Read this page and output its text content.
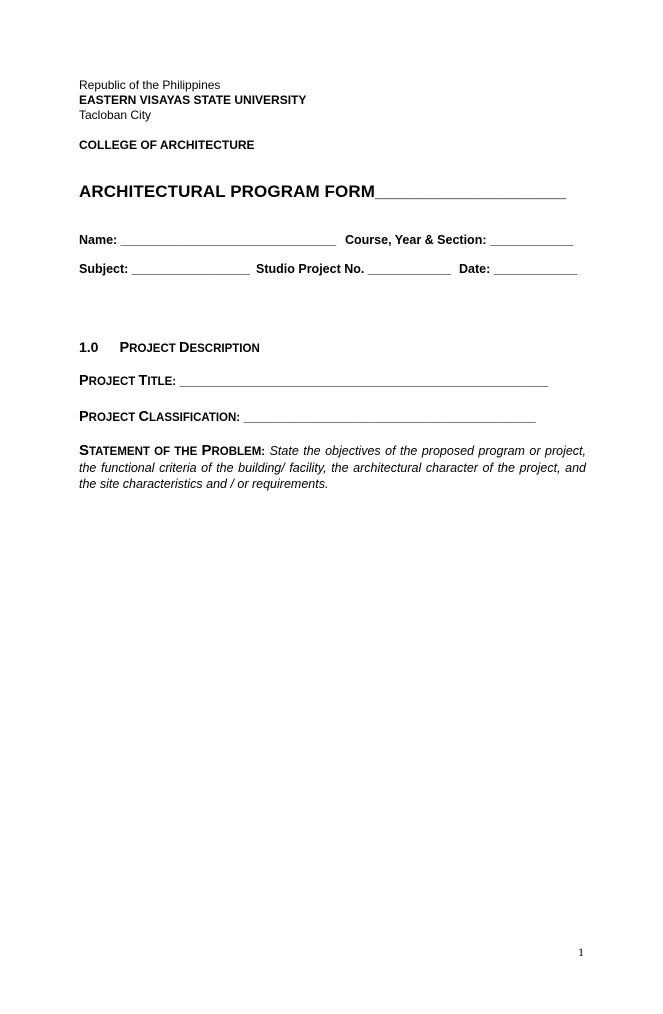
Republic of the Philippines
EASTERN VISAYAS STATE UNIVERSITY
Tacloban City
COLLEGE OF ARCHITECTURE
ARCHITECTURAL PROGRAM FORM____________________
Name: _______________________________ Course, Year & Section: ____________
Subject: _________________ Studio Project No. ____________ Date: ____________
1.0 PROJECT DESCRIPTION
PROJECT TITLE: _____________________________________________________
PROJECT CLASSIFICATION: __________________________________________
STATEMENT OF THE PROBLEM: State the objectives of the proposed program or project, the functional criteria of the building/ facility, the architectural character of the project, and the site characteristics and / or requirements.
1
